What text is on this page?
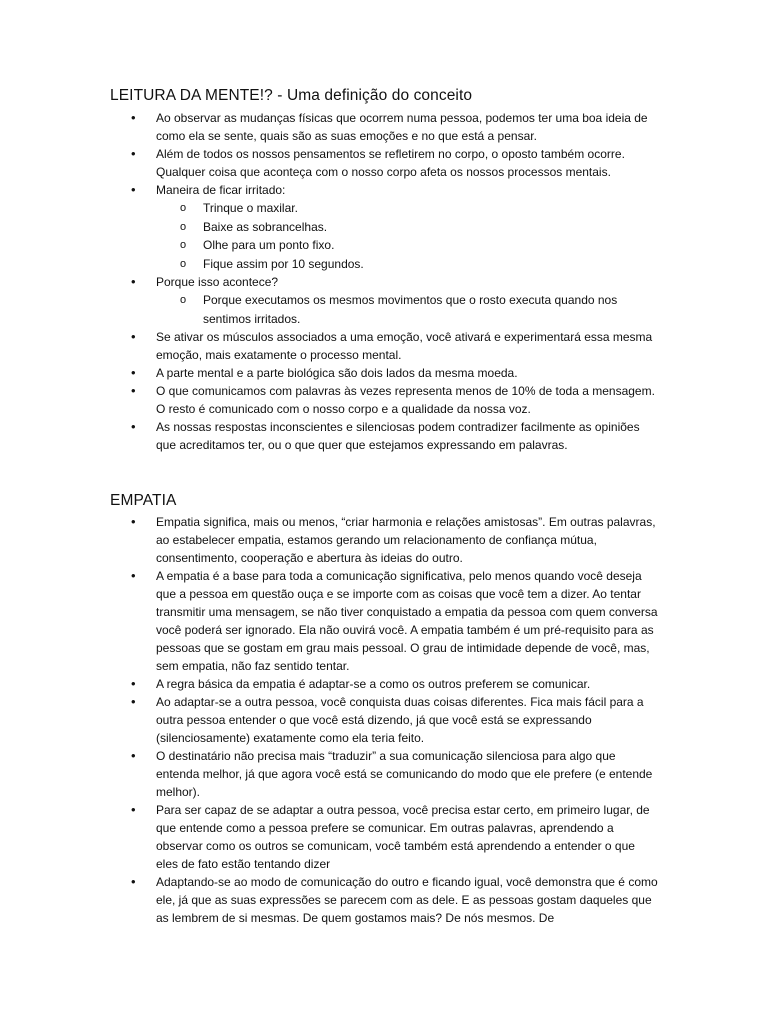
LEITURA DA MENTE!? - Uma definição do conceito
• Ao observar as mudanças físicas que ocorrem numa pessoa, podemos ter uma boa ideia de como ela se sente, quais são as suas emoções e no que está a pensar.
• Além de todos os nossos pensamentos se refletirem no corpo, o oposto também ocorre. Qualquer coisa que aconteça com o nosso corpo afeta os nossos processos mentais.
• Maneira de ficar irritado:
o Trinque o maxilar.
o Baixe as sobrancelhas.
o Olhe para um ponto fixo.
o Fique assim por 10 segundos.
• Porque isso acontece?
o Porque executamos os mesmos movimentos que o rosto executa quando nos sentimos irritados.
• Se ativar os músculos associados a uma emoção, você ativará e experimentará essa mesma emoção, mais exatamente o processo mental.
• A parte mental e a parte biológica são dois lados da mesma moeda.
• O que comunicamos com palavras às vezes representa menos de 10% de toda a mensagem. O resto é comunicado com o nosso corpo e a qualidade da nossa voz.
• As nossas respostas inconscientes e silenciosas podem contradizer facilmente as opiniões que acreditamos ter, ou o que quer que estejamos expressando em palavras.
EMPATIA
• Empatia significa, mais ou menos, “criar harmonia e relações amistosas”. Em outras palavras, ao estabelecer empatia, estamos gerando um relacionamento de confiança mútua, consentimento, cooperação e abertura às ideias do outro.
• A empatia é a base para toda a comunicação significativa, pelo menos quando você deseja que a pessoa em questão ouça e se importe com as coisas que você tem a dizer. Ao tentar transmitir uma mensagem, se não tiver conquistado a empatia da pessoa com quem conversa você poderá ser ignorado. Ela não ouvirá você. A empatia também é um pré-requisito para as pessoas que se gostam em grau mais pessoal. O grau de intimidade depende de você, mas, sem empatia, não faz sentido tentar.
• A regra básica da empatia é adaptar-se a como os outros preferem se comunicar.
• Ao adaptar-se a outra pessoa, você conquista duas coisas diferentes. Fica mais fácil para a outra pessoa entender o que você está dizendo, já que você está se expressando (silenciosamente) exatamente como ela teria feito.
• O destinatário não precisa mais “traduzir” a sua comunicação silenciosa para algo que entenda melhor, já que agora você está se comunicando do modo que ele prefere (e entende melhor).
• Para ser capaz de se adaptar a outra pessoa, você precisa estar certo, em primeiro lugar, de que entende como a pessoa prefere se comunicar. Em outras palavras, aprendendo a observar como os outros se comunicam, você também está aprendendo a entender o que eles de fato estão tentando dizer
• Adaptando-se ao modo de comunicação do outro e ficando igual, você demonstra que é como ele, já que as suas expressões se parecem com as dele. E as pessoas gostam daqueles que as lembrem de si mesmas. De quem gostamos mais? De nós mesmos. De
